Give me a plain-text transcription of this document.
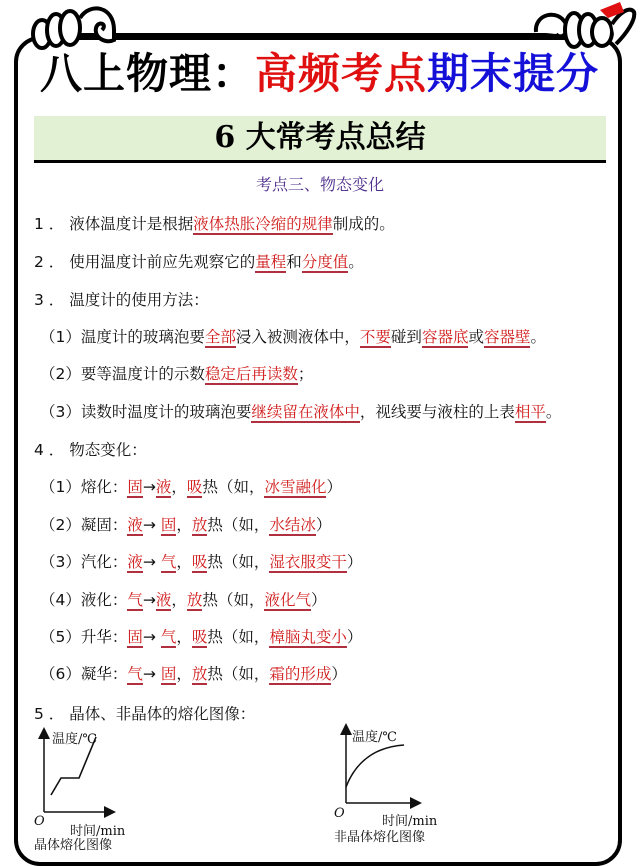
八上物理：高频考点期末提分
6 大常考点总结
考点三、物态变化
1 ． 液体温度计是根据液体热胀冷缩的规律制成的。
2 ． 使用温度计前应先观察它的量程和分度值。
3 ． 温度计的使用方法：
（1）温度计的玻璃泡要全部浸入被测液体中，不要碰到容器底或容器壁。
（2）要等温度计的示数稳定后再读数；
（3）读数时温度计的玻璃泡要继续留在液体中，视线要与液柱的上表相平。
4 ． 物态变化：
（1）熔化：固→液，吸热（如，冰雪融化）
（2）凝固：液→ 固，放热（如，水结冰）
（3）汽化：液→ 气，吸热（如，湿衣服变干）
（4）液化：气→液，放热（如，液化气）
（5）升华：固→ 气，吸热（如，樟脑丸变小）
（6）凝华：气→ 固，放热（如，霜的形成）
5 ． 晶体、非晶体的熔化图像：
温度/℃
O
时间/min
晶体熔化图像
温度/℃
O
时间/min
非晶体熔化图像
